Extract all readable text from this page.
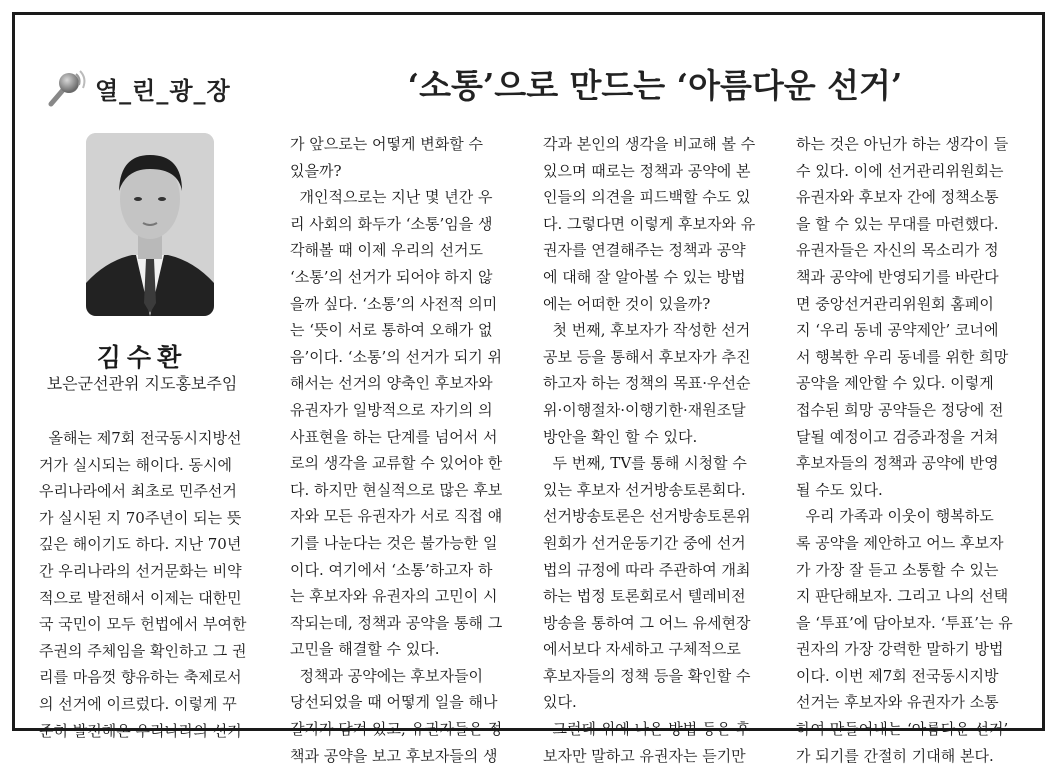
열_린_광_장	‘소통’으로 만드는 ‘아름다운 선거’
김수환
보은군선관위 지도홍보주임
올해는 제7회 전국동시지방선
거가 실시되는 해이다. 동시에
우리나라에서 최초로 민주선거
가 실시된 지 70주년이 되는 뜻
깊은 해이기도 하다. 지난 70년
간 우리나라의 선거문화는 비약
적으로 발전해서 이제는 대한민
국 국민이 모두 헌법에서 부여한
주권의 주체임을 확인하고 그 권
리를 마음껏 향유하는 축제로서
의 선거에 이르렀다. 이렇게 꾸
준히 발전해온 우리나라의 선거
가 앞으로는 어떻게 변화할 수
있을까?
개인적으로는 지난 몇 년간 우
리 사회의 화두가 ‘소통’임을 생
각해볼 때 이제 우리의 선거도
‘소통’의 선거가 되어야 하지 않
을까 싶다. ‘소통’의 사전적 의미
는 ‘뜻이 서로 통하여 오해가 없
음’이다. ‘소통’의 선거가 되기 위
해서는 선거의 양축인 후보자와
유권자가 일방적으로 자기의 의
사표현을 하는 단계를 넘어서 서
로의 생각을 교류할 수 있어야 한
다. 하지만 현실적으로 많은 후보
자와 모든 유권자가 서로 직접 얘
기를 나눈다는 것은 불가능한 일
이다. 여기에서 ‘소통’하고자 하
는 후보자와 유권자의 고민이 시
작되는데, 정책과 공약을 통해 그
고민을 해결할 수 있다.
정책과 공약에는 후보자들이
당선되었을 때 어떻게 일을 해나
갈지가 담겨 있고, 유권자들은 정
책과 공약을 보고 후보자들의 생
각과 본인의 생각을 비교해 볼 수
있으며 때로는 정책과 공약에 본
인들의 의견을 피드백할 수도 있
다. 그렇다면 이렇게 후보자와 유
권자를 연결해주는 정책과 공약
에 대해 잘 알아볼 수 있는 방법
에는 어떠한 것이 있을까?
첫 번째, 후보자가 작성한 선거
공보 등을 통해서 후보자가 추진
하고자 하는 정책의 목표·우선순
위·이행절차·이행기한·재원조달
방안을 확인 할 수 있다.
두 번째, TV를 통해 시청할 수
있는 후보자 선거방송토론회다.
선거방송토론은 선거방송토론위
원회가 선거운동기간 중에 선거
법의 규정에 따라 주관하여 개최
하는 법정 토론회로서 텔레비전
방송을 통하여 그 어느 유세현장
에서보다 자세하고 구체적으로
후보자들의 정책 등을 확인할 수
있다.
그런데 위에 나온 방법 등은 후
보자만 말하고 유권자는 듣기만
하는 것은 아닌가 하는 생각이 들
수 있다. 이에 선거관리위원회는
유권자와 후보자 간에 정책소통
을 할 수 있는 무대를 마련했다.
유권자들은 자신의 목소리가 정
책과 공약에 반영되기를 바란다
면 중앙선거관리위원회 홈페이
지 ‘우리 동네 공약제안’ 코너에
서 행복한 우리 동네를 위한 희망
공약을 제안할 수 있다. 이렇게
접수된 희망 공약들은 정당에 전
달될 예정이고 검증과정을 거쳐
후보자들의 정책과 공약에 반영
될 수도 있다.
우리 가족과 이웃이 행복하도
록 공약을 제안하고 어느 후보자
가 가장 잘 듣고 소통할 수 있는
지 판단해보자. 그리고 나의 선택
을 ‘투표’에 담아보자. ‘투표’는 유
권자의 가장 강력한 말하기 방법
이다. 이번 제7회 전국동시지방
선거는 후보자와 유권자가 소통
하여 만들어내는 ‘아름다운 선거’
가 되기를 간절히 기대해 본다.
